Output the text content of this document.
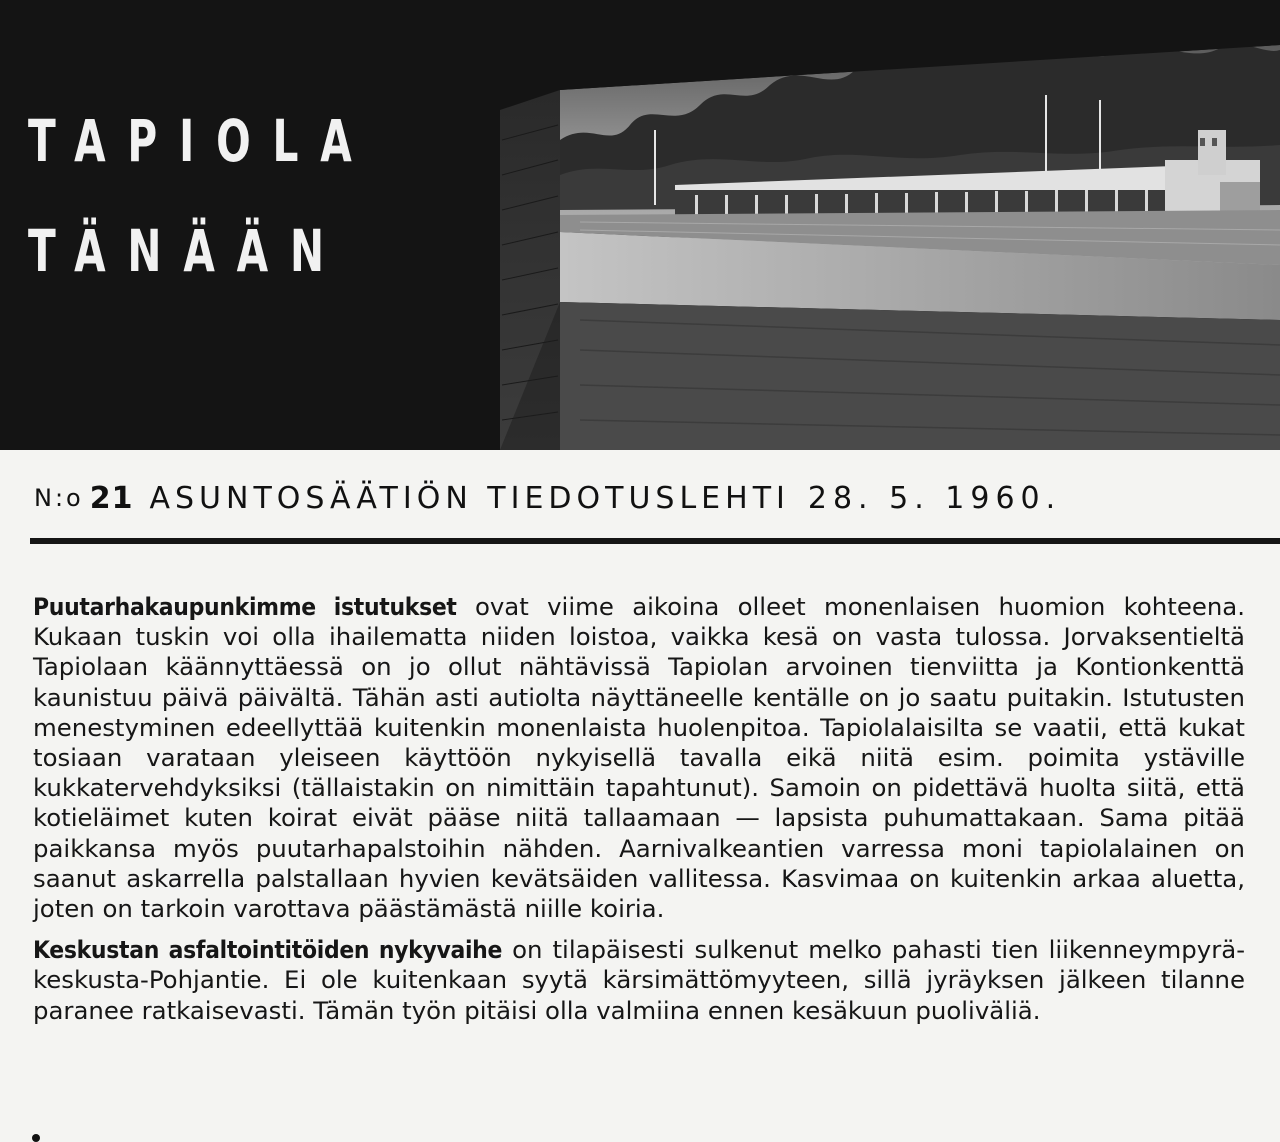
TAPIOLA
TÄNÄÄN
N:o 21 ASUNTOSÄÄTIÖN TIEDOTUSLEHTI 28. 5. 1960.

Puutarhakaupunkimme istutukset ovat viime aikoina olleet monenlaisen huomion kohteena. Kukaan tuskin voi olla ihailematta niiden loistoa, vaikka kesä on vasta tulossa. Jorvaksentieltä Tapiolaan käännyttäessä on jo ollut nähtävissä Tapiolan arvoinen tienviitta ja Kontionkenttä kaunistuu päivä päivältä. Tähän asti autiolta näyttäneelle kentälle on jo saatu puitakin. Istutusten menestyminen edeellyttää kuitenkin monenlaista huolenpitoa. Tapiolalaisilta se vaatii, että kukat tosiaan varataan yleiseen käyttöön nykyisellä tavalla eikä niitä esim. poimita ystäville kukkatervehdyksiksi (tällaistakin on nimittäin tapahtunut). Samoin on pidettävä huolta siitä, että kotieläimet kuten koirat eivät pääse niitä tallaamaan — lapsista puhumattakaan. Sama pitää paikkansa myös puutarhapalstoihin nähden. Aarnivalkeantien varressa moni tapiolalainen on saanut askarrella palstallaan hyvien kevätsäiden vallitessa. Kasvimaa on kuitenkin arkaa aluetta, joten on tarkoin varottava päästämästä niille koiria.

Keskustan asfaltointitöiden nykyvaihe on tilapäisesti sulkenut melko pahasti tien liikenneympyrä-keskusta-Pohjantie. Ei ole kuitenkaan syytä kärsimättömyyteen, sillä jyräyksen jälkeen tilanne paranee ratkaisevasti. Tämän työn pitäisi olla valmiina ennen kesäkuun puoliväliä.
